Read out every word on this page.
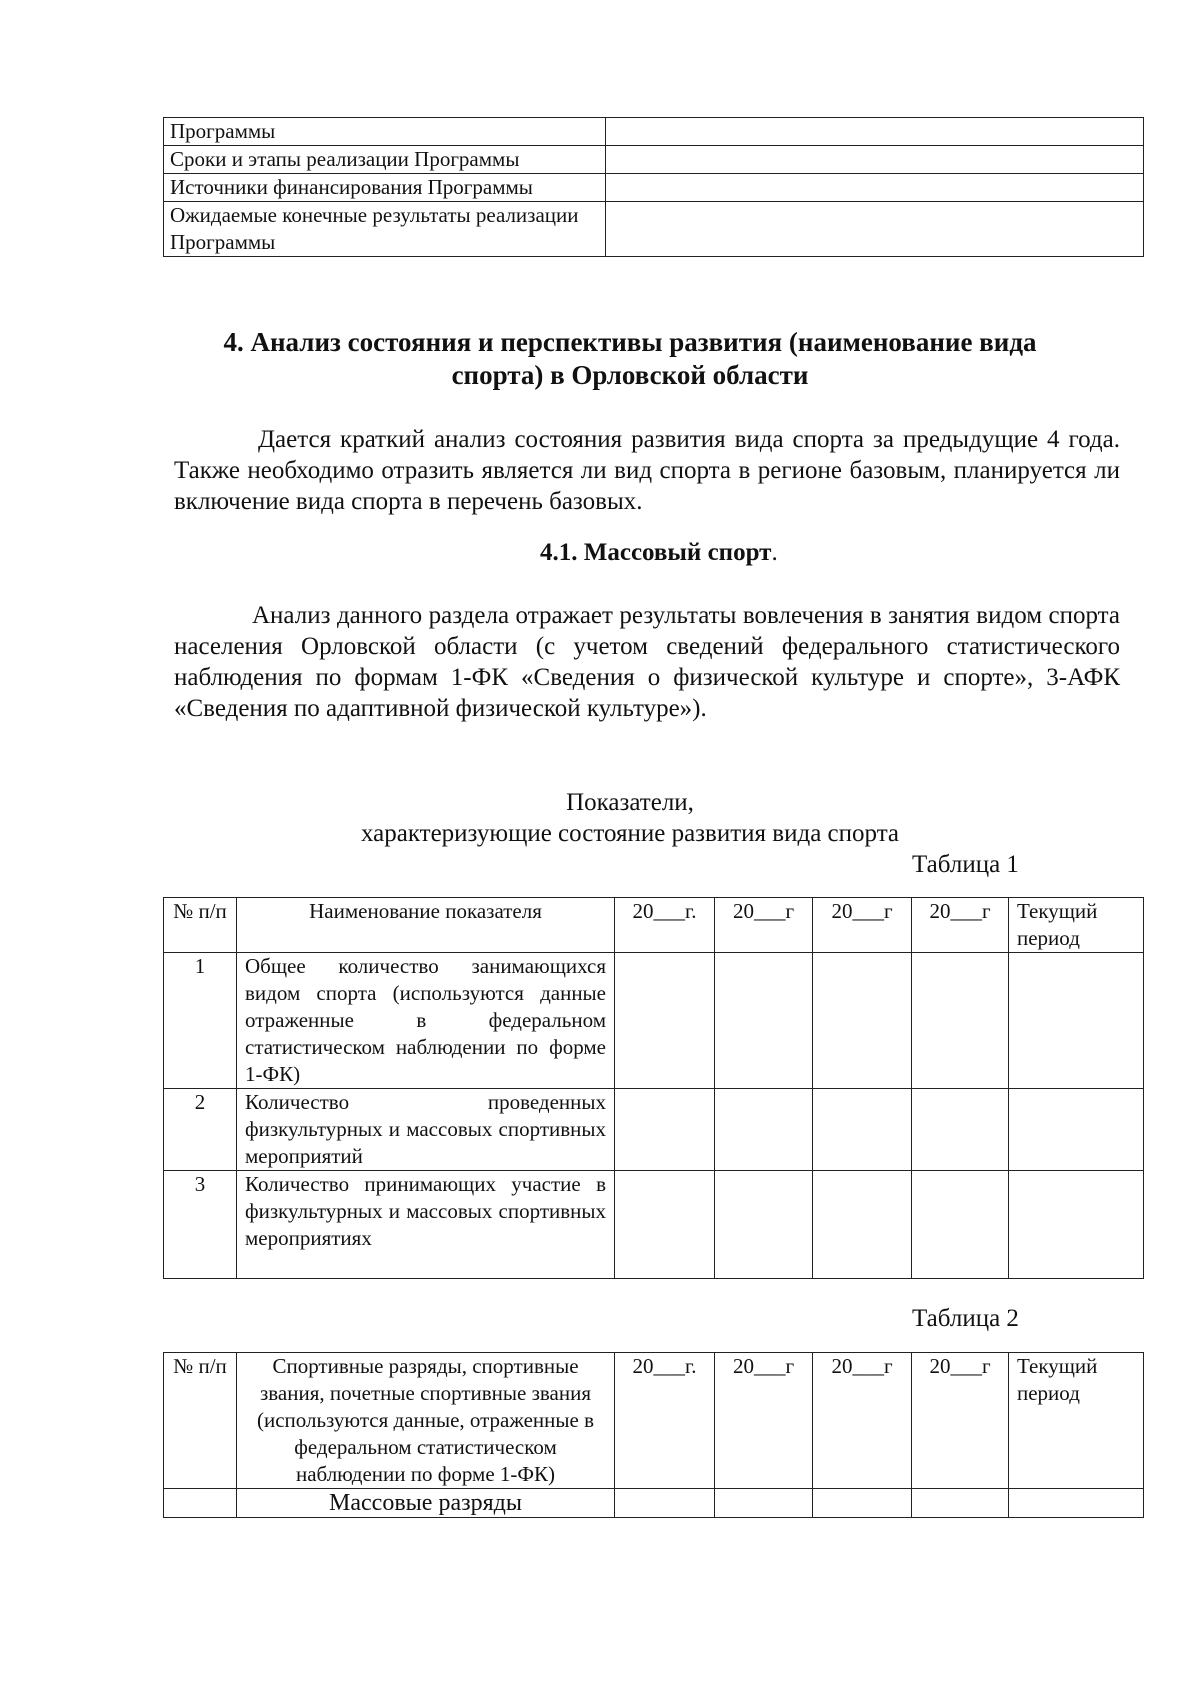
Программы	
Сроки и этапы реализации Программы	
Источники финансирования Программы	
Ожидаемые конечные результаты реализации Программы	
4. Анализ состояния и перспективы развития (наименование вида
спорта) в Орловской области
Дается краткий анализ состояния развития вида спорта за предыдущие 4 года. Также необходимо отразить является ли вид спорта в регионе базовым, планируется ли включение вида спорта в перечень базовых.
4.1. Массовый спорт.
Анализ данного раздела отражает результаты вовлечения в занятия видом спорта населения Орловской области (с учетом сведений федерального статистического наблюдения по формам 1-ФК «Сведения о физической культуре и спорте», 3-АФК «Сведения по адаптивной физической культуре»).
Показатели,
характеризующие состояние развития вида спорта
Таблица 1
№ п/п	Наименование показателя	20___г.	20___г	20___г	20___г	Текущий период
1	Общее количество занимающихся видом спорта (используются данные отраженные в федеральном статистическом наблюдении по форме 1-ФК)					
2	Количество проведенных физкультурных и массовых спортивных мероприятий					
3	Количество принимающих участие в физкультурных и массовых спортивных мероприятиях					
Таблица 2
№ п/п	Спортивные разряды, спортивные звания, почетные спортивные звания (используются данные, отраженные в федеральном статистическом наблюдении по форме 1-ФК)	20___г.	20___г	20___г	20___г	Текущий период
	Массовые разряды					
